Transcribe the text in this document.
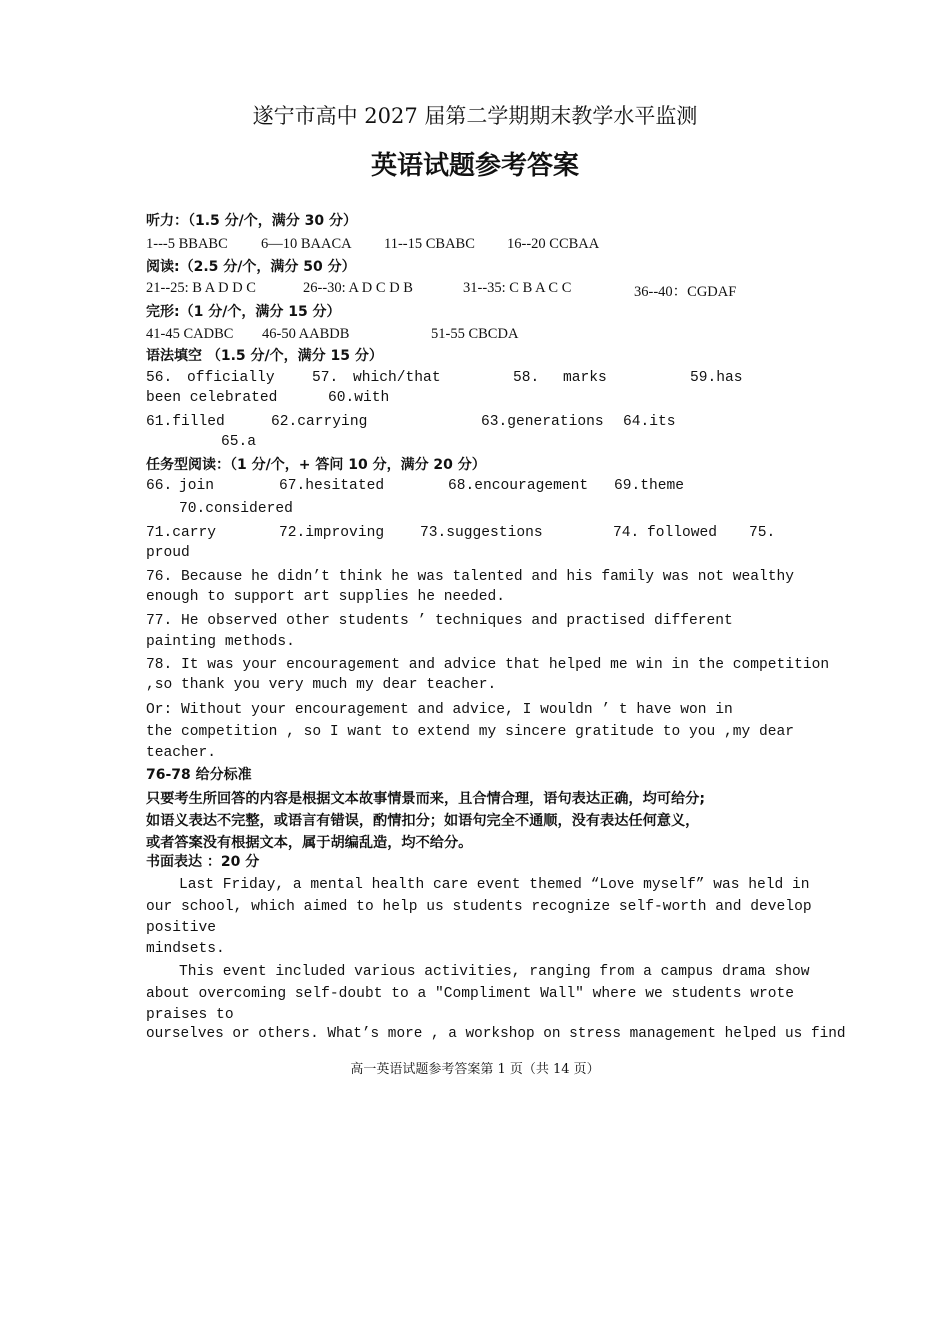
遂宁市高中 2027 届第二学期期末教学水平监测
英语试题参考答案
听力：（1.5 分/个，满分 30 分）
1---5 BBABC 6—10 BAACA 11--15 CBABC 16--20 CCBAA
阅读:（2.5 分/个，满分 50 分）
21--25: B A D D C	26--30: A D C D B	31--35: C B A C C	36--40：CGDAF
完形:（1 分/个，满分 15 分）
41-45 CADBC 46-50 AABDB	51-55 CBCDA
语法填空 （1.5 分/个，满分 15 分）
56. officially	57. which/that	58. marks	59.has
been celebrated	60.with
61.filled	62.carrying	63.generations 64.its
65.a
任务型阅读：（1 分/个，+ 答问 10 分，满分 20 分）
66. join	67.hesitated	68.encouragement 69.theme
70.considered
71.carry	72.improving 73.suggestions	74. followed 75.
proud
76. Because he didn’t think he was talented and his family was not wealthy
enough to support art supplies he needed.
77. He observed other students ’ techniques and practised different
painting methods.
78. It was your encouragement and advice that helped me win in the competition
,so thank you very much my dear teacher.
Or: Without your encouragement and advice, I wouldn ’ t have won in
the competition , so I want to extend my sincere gratitude to you ,my dear
teacher.
76-78 给分标准
只要考生所回答的内容是根据文本故事情景而来，且合情合理，语句表达正确，均可给分;
如语义表达不完整，或语言有错误，酌情扣分；如语句完全不通顺，没有表达任何意义，
或者答案没有根据文本，属于胡编乱造，均不给分。
书面表达 ：20 分
Last Friday, a mental health care event themed “Love myself” was held in
our school, which aimed to help us students recognize self-worth and develop
positive
mindsets.
This event included various activities, ranging from a campus drama show
about overcoming self-doubt to a "Compliment Wall" where we students wrote
praises to
ourselves or others. What’s more , a workshop on stress management helped us find
高一英语试题参考答案第 1 页（共 14 页）
